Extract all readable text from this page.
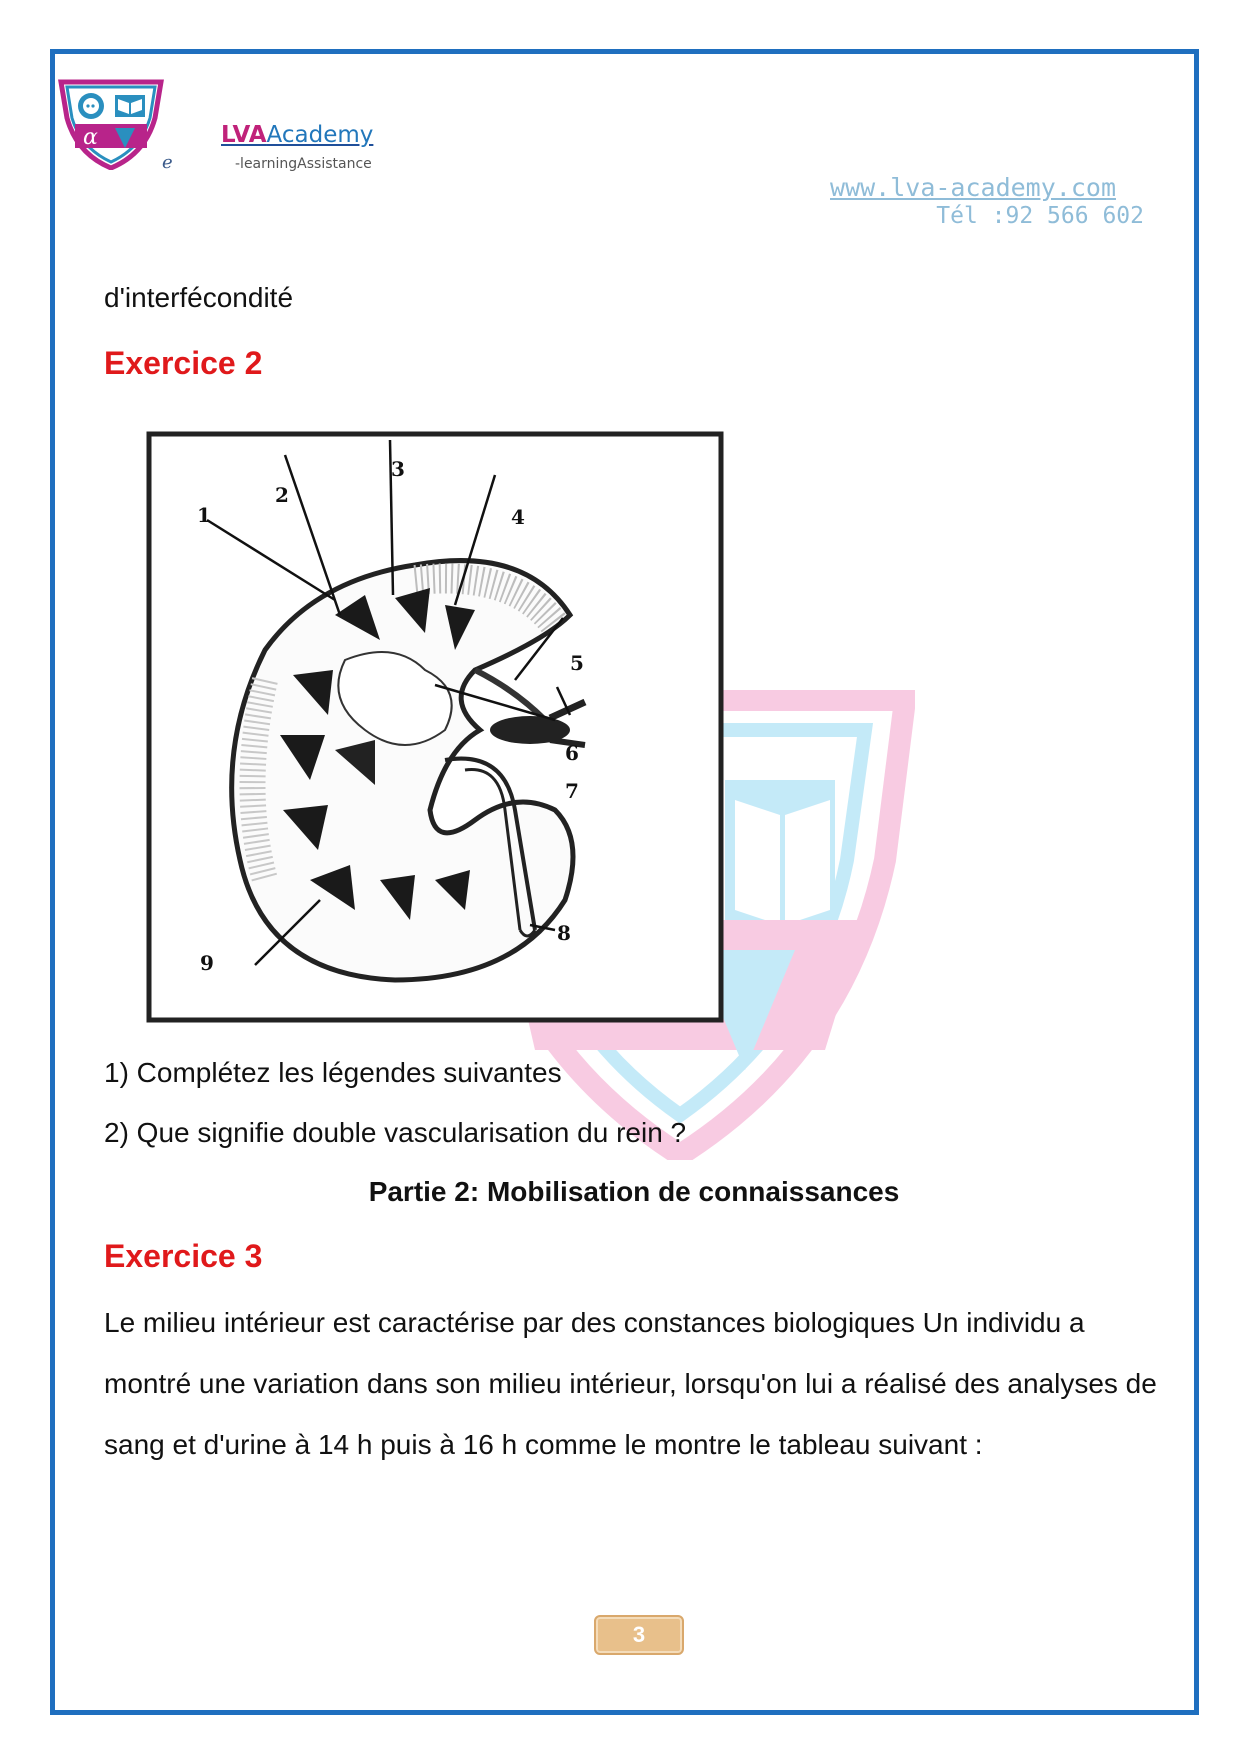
α
e
LVAAcademy
-learningAssistance
www.lva-academy.com
Tél :92 566 602
d'interfécondité
Exercice 2
1
2
3
4
5
6
7
8
9
1) Complétez les légendes suivantes
2) Que signifie double vascularisation du rein ?
Partie 2: Mobilisation de connaissances
Exercice 3
Le milieu intérieur est caractérise par des constances biologiques Un individu a montré une variation dans son milieu intérieur, lorsqu'on lui a réalisé des analyses de sang et d'urine à 14 h puis à 16 h comme le montre le tableau suivant :
3
